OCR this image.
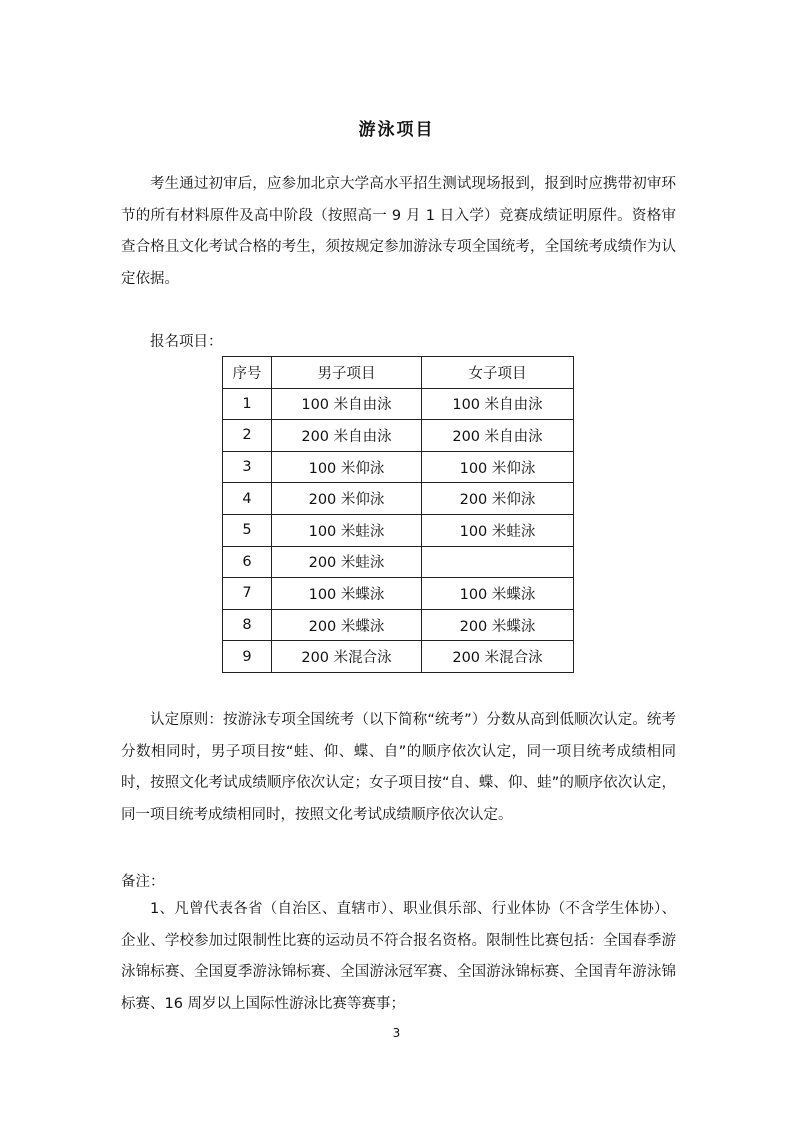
游泳项目

考生通过初审后，应参加北京大学高水平招生测试现场报到，报到时应携带初审环节的所有材料原件及高中阶段（按照高一 9 月 1 日入学）竞赛成绩证明原件。资格审查合格且文化考试合格的考生，须按规定参加游泳专项全国统考，全国统考成绩作为认定依据。

报名项目：

序号	男子项目	女子项目
1	100 米自由泳	100 米自由泳
2	200 米自由泳	200 米自由泳
3	100 米仰泳	100 米仰泳
4	200 米仰泳	200 米仰泳
5	100 米蛙泳	100 米蛙泳
6	200 米蛙泳	
7	100 米蝶泳	100 米蝶泳
8	200 米蝶泳	200 米蝶泳
9	200 米混合泳	200 米混合泳

认定原则：按游泳专项全国统考（以下简称“统考”）分数从高到低顺次认定。统考分数相同时，男子项目按“蛙、仰、蝶、自”的顺序依次认定，同一项目统考成绩相同时，按照文化考试成绩顺序依次认定；女子项目按“自、蝶、仰、蛙”的顺序依次认定，同一项目统考成绩相同时，按照文化考试成绩顺序依次认定。

备注：

1、凡曾代表各省（自治区、直辖市）、职业俱乐部、行业体协（不含学生体协）、企业、学校参加过限制性比赛的运动员不符合报名资格。限制性比赛包括：全国春季游泳锦标赛、全国夏季游泳锦标赛、全国游泳冠军赛、全国游泳锦标赛、全国青年游泳锦标赛、16 周岁以上国际性游泳比赛等赛事；

3
